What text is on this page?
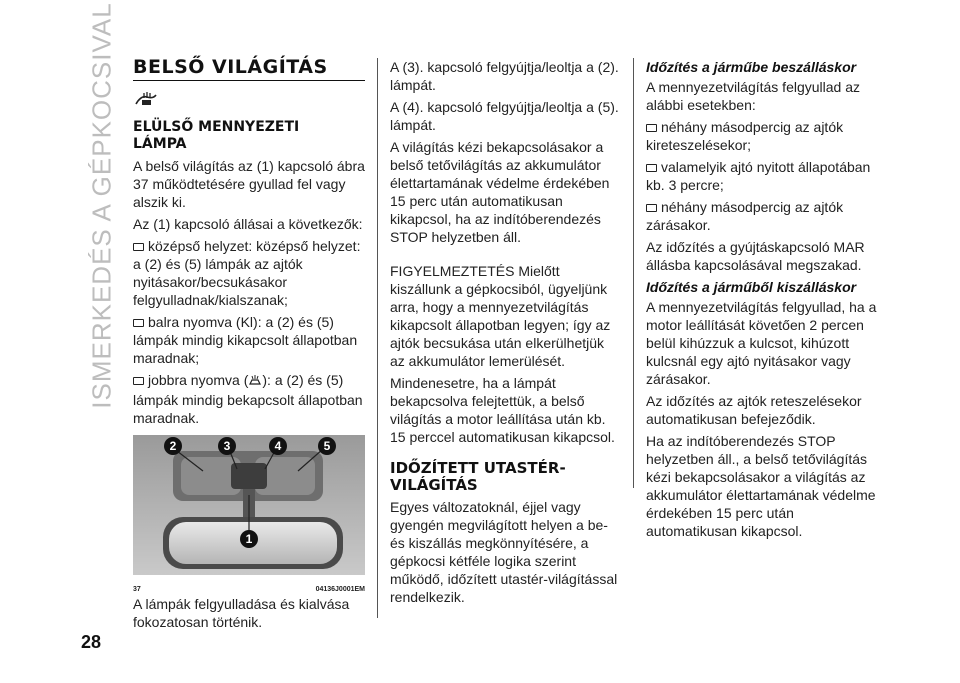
ISMERKEDÉS A GÉPKOCSIVAL
28
BELSŐ VILÁGÍTÁS
ELÜLSŐ MENNYEZETI
LÁMPA

A belső világítás az (1) kapcsoló ábra 37 működtetésére gyullad fel vagy alszik ki.

Az (1) kapcsoló állásai a következők:

középső helyzet: középső helyzet: a (2) és (5) lámpák az ajtók nyitásakor/becsukásakor felgyulladnak/kialszanak;

balra nyomva (Kl): a (2) és (5) lámpák mindig kikapcsolt állapotban maradnak;

jobbra nyomva ( ): a (2) és (5) lámpák mindig bekapcsolt állapotban maradnak.

2	3	4	5
1
37	04136J0001EM

A lámpák felgyulladása és kialvása fokozatosan történik.

A (3). kapcsoló felgyújtja/leoltja a (2). lámpát.

A (4). kapcsoló felgyújtja/leoltja a (5). lámpát.

A világítás kézi bekapcsolásakor a belső tetővilágítás az akkumulátor élettartamának védelme érdekében 15 perc után automatikusan kikapcsol, ha az indítóberendezés STOP helyzetben áll.

FIGYELMEZTETÉS Mielőtt kiszállunk a gépkocsiból, ügyeljünk arra, hogy a mennyezetvilágítás kikapcsolt állapotban legyen; így az ajtók becsukása után elkerülhetjük az akkumulátor lemerülését.

Mindenesetre, ha a lámpát bekapcsolva felejtettük, a belső világítás a motor leállítása után kb. 15 perccel automatikusan kikapcsol.

IDŐZÍTETT UTASTÉR-VILÁGÍTÁS

Egyes változatoknál, éjjel vagy gyengén megvilágított helyen a be- és kiszállás megkönnyítésére, a gépkocsi kétféle logika szerint működő, időzített utastér-világítással rendelkezik.

Időzítés a járműbe beszálláskor

A mennyezetvilágítás felgyullad az alábbi esetekben:

néhány másodpercig az ajtók kireteszelésekor;

valamelyik ajtó nyitott állapotában kb. 3 percre;

néhány másodpercig az ajtók zárásakor.

Az időzítés a gyújtáskapcsoló MAR állásba kapcsolásával megszakad.

Időzítés a járműből kiszálláskor

A mennyezetvilágítás felgyullad, ha a motor leállítását követően 2 percen belül kihúzzuk a kulcsot, kihúzott kulcsnál egy ajtó nyitásakor vagy zárásakor.

Az időzítés az ajtók reteszelésekor automatikusan befejeződik.

Ha az indítóberendezés STOP helyzetben áll., a belső tetővilágítás kézi bekapcsolásakor a világítás az akkumulátor élettartamának védelme érdekében 15 perc után automatikusan kikapcsol.
